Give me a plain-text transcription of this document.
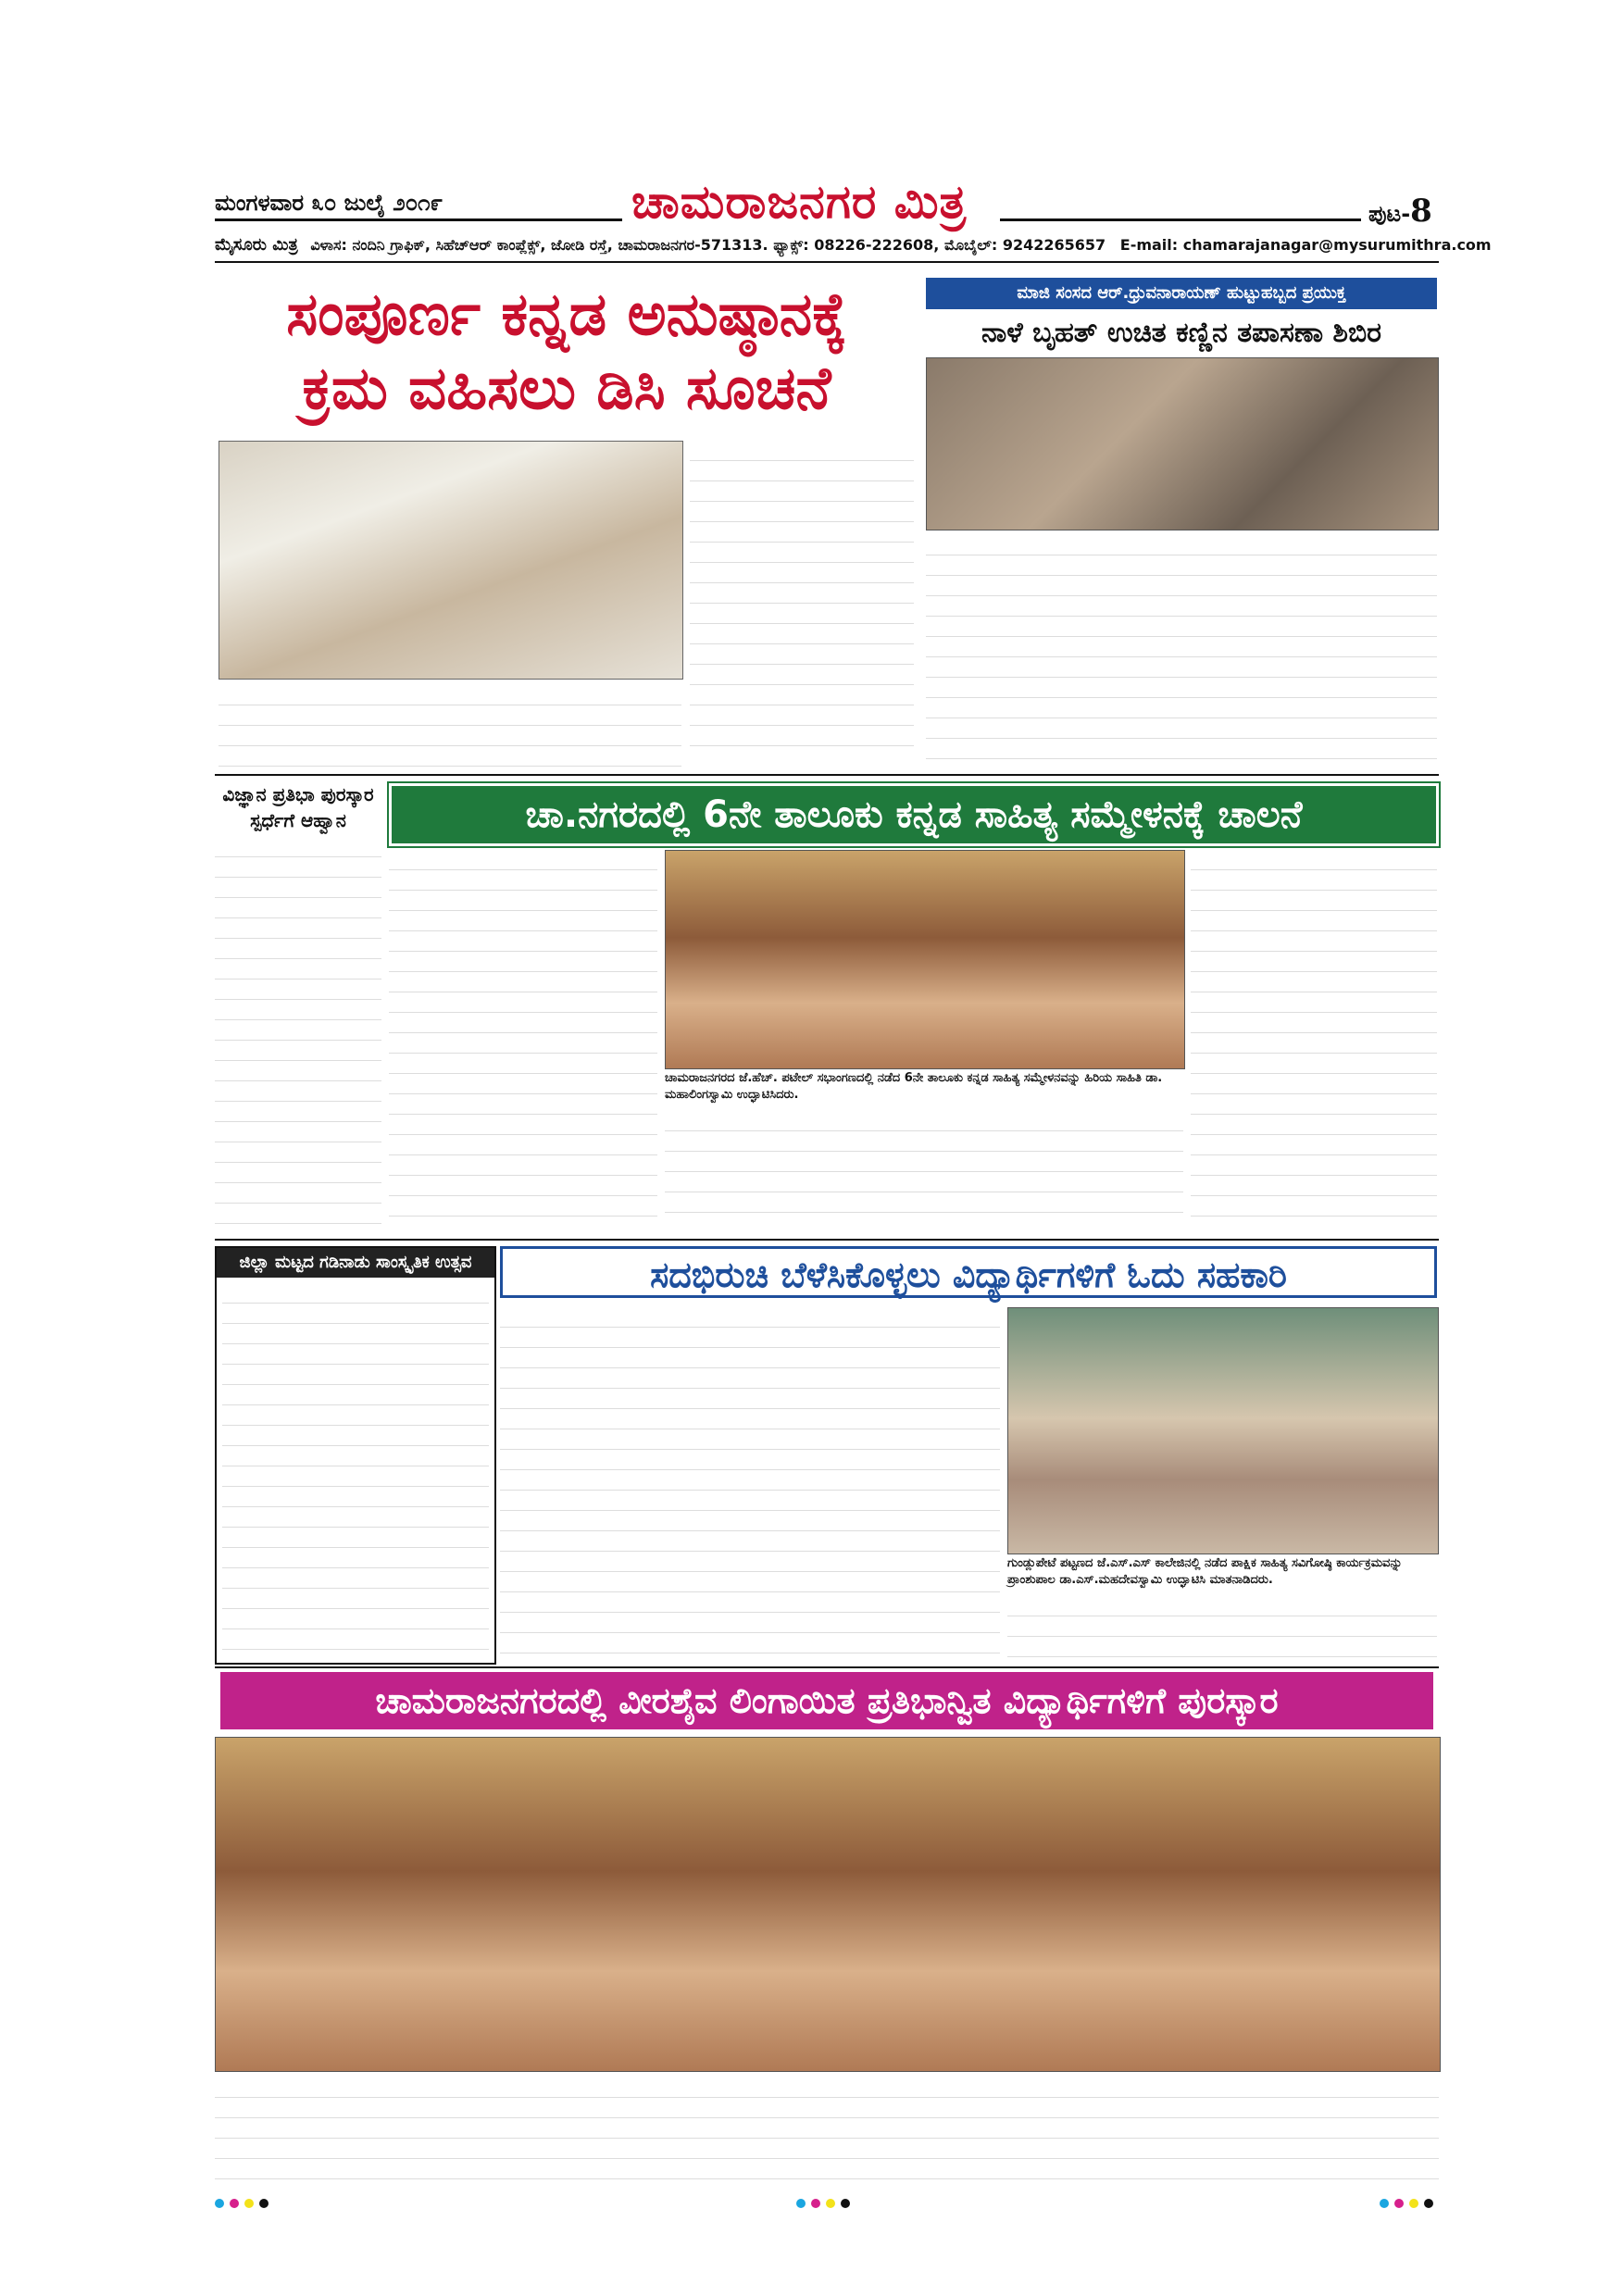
ಮಂಗಳವಾರ ೩೦ ಜುಲೈ ೨೦೧೯	ಚಾಮರಾಜನಗರ ಮಿತ್ರ	ಪುಟ-8
ಮೈಸೂರು ಮಿತ್ರ ವಿಳಾಸ: ನಂದಿನಿ ಗ್ರಾಫಿಕ್, ಸಿಹೆಚ್‌ಆರ್ ಕಾಂಪ್ಲೆಕ್ಸ್, ಜೋಡಿ ರಸ್ತೆ, ಚಾಮರಾಜನಗರ-571313. ಫ್ಯಾಕ್ಸ್: 08226-222608, ಮೊಬೈಲ್: 9242265657 E-mail: chamarajanagar@mysurumithra.com
ಸಂಪೂರ್ಣ ಕನ್ನಡ ಅನುಷ್ಠಾನಕ್ಕೆ
ಕ್ರಮ ವಹಿಸಲು ಡಿಸಿ ಸೂಚನೆ
ಮಾಜಿ ಸಂಸದ ಆರ್.ಧ್ರುವನಾರಾಯಣ್ ಹುಟ್ಟುಹಬ್ಬದ ಪ್ರಯುಕ್ತ
ನಾಳೆ ಬೃಹತ್ ಉಚಿತ ಕಣ್ಣಿನ ತಪಾಸಣಾ ಶಿಬಿರ
ವಿಜ್ಞಾನ ಪ್ರತಿಭಾ ಪುರಸ್ಕಾರ
ಸ್ಪರ್ಧೆಗೆ ಆಹ್ವಾನ	ಚಾ.ನಗರದಲ್ಲಿ 6ನೇ ತಾಲೂಕು ಕನ್ನಡ ಸಾಹಿತ್ಯ ಸಮ್ಮೇಳನಕ್ಕೆ ಚಾಲನೆ
ಚಾಮರಾಜನಗರದ ಜೆ.ಹೆಚ್. ಪಟೇಲ್ ಸಭಾಂಗಣದಲ್ಲಿ ನಡೆದ 6ನೇ ತಾಲೂಕು ಕನ್ನಡ ಸಾಹಿತ್ಯ ಸಮ್ಮೇಳನವನ್ನು ಹಿರಿಯ ಸಾಹಿತಿ ಡಾ. ಮಹಾಲಿಂಗಸ್ವಾಮಿ ಉದ್ಘಾಟಿಸಿದರು.
ಜಿಲ್ಲಾ ಮಟ್ಟದ ಗಡಿನಾಡು ಸಾಂಸ್ಕೃತಿಕ ಉತ್ಸವ	ಸದಭಿರುಚಿ ಬೆಳೆಸಿಕೊಳ್ಳಲು ವಿದ್ಯಾರ್ಥಿಗಳಿಗೆ ಓದು ಸಹಕಾರಿ
ಗುಂಡ್ಲುಪೇಟೆ ಪಟ್ಟಣದ ಜೆ.ಎಸ್.ಎಸ್ ಕಾಲೇಜಿನಲ್ಲಿ ನಡೆದ ಪಾಕ್ಷಿಕ ಸಾಹಿತ್ಯ ಸವಿಗೋಷ್ಠಿ ಕಾರ್ಯಕ್ರಮವನ್ನು ಪ್ರಾಂಶುಪಾಲ ಡಾ.ಎಸ್.ಮಹದೇವಸ್ವಾಮಿ ಉದ್ಘಾಟಿಸಿ ಮಾತನಾಡಿದರು.
ಚಾಮರಾಜನಗರದಲ್ಲಿ ವೀರಶೈವ ಲಿಂಗಾಯಿತ ಪ್ರತಿಭಾನ್ವಿತ ವಿದ್ಯಾರ್ಥಿಗಳಿಗೆ ಪುರಸ್ಕಾರ
